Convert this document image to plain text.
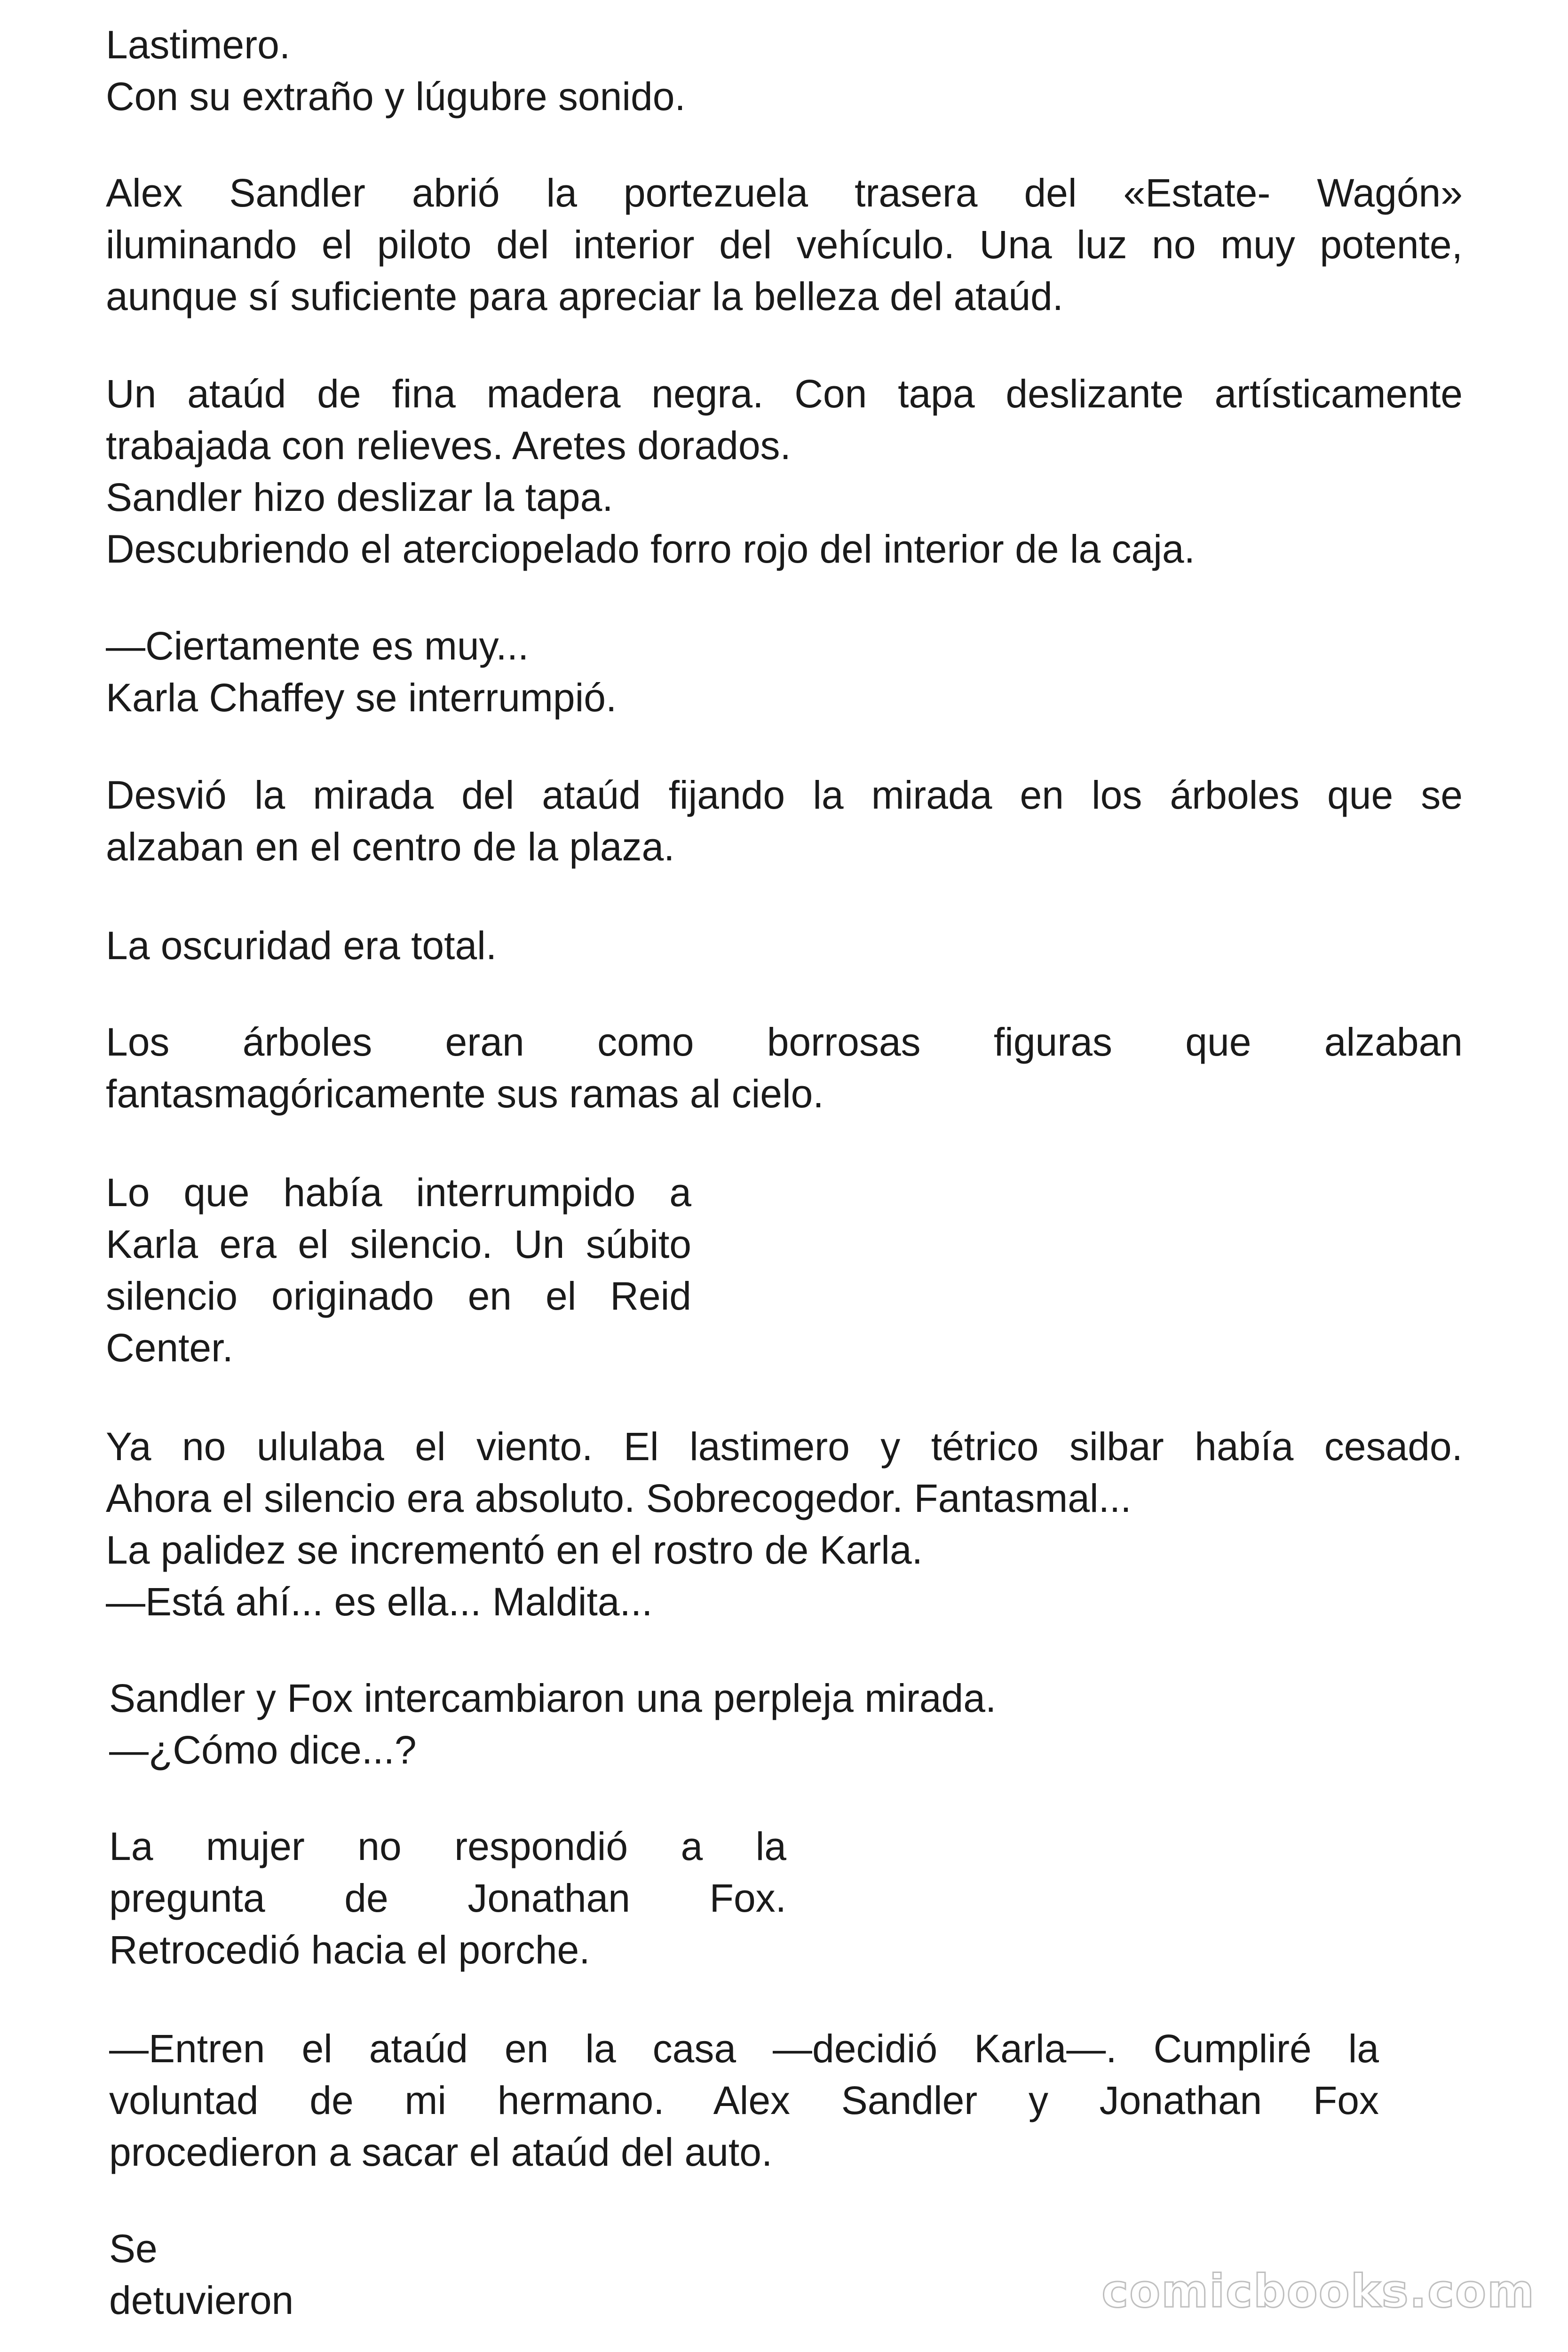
Lastimero.
Con su extraño y lúgubre sonido.
Alex Sandler abrió la portezuela trasera del «Estate- Wagón»
iluminando el piloto del interior del vehículo. Una luz no muy potente,
aunque sí suficiente para apreciar la belleza del ataúd.
Un ataúd de fina madera negra. Con tapa deslizante artísticamente
trabajada con relieves. Aretes dorados.
Sandler hizo deslizar la tapa.
Descubriendo el aterciopelado forro rojo del interior de la caja.
—Ciertamente es muy...
Karla Chaffey se interrumpió.
Desvió la mirada del ataúd fijando la mirada en los árboles que se
alzaban en el centro de la plaza.
La oscuridad era total.
Los árboles eran como borrosas figuras que alzaban
fantasmagóricamente sus ramas al cielo.
Lo que había interrumpido a
Karla era el silencio. Un súbito
silencio originado en el Reid
Center.
Ya no ululaba el viento. El lastimero y tétrico silbar había cesado.
Ahora el silencio era absoluto. Sobrecogedor. Fantasmal...
La palidez se incrementó en el rostro de Karla.
—Está ahí... es ella... Maldita...
Sandler y Fox intercambiaron una perpleja mirada.
—¿Cómo dice...?
La mujer no respondió a la
pregunta de Jonathan Fox.
Retrocedió hacia el porche.
—Entren el ataúd en la casa —decidió Karla—. Cumpliré la
voluntad de mi hermano. Alex Sandler y Jonathan Fox
procedieron a sacar el ataúd del auto.
Se
detuvieron	comicbooks.com
